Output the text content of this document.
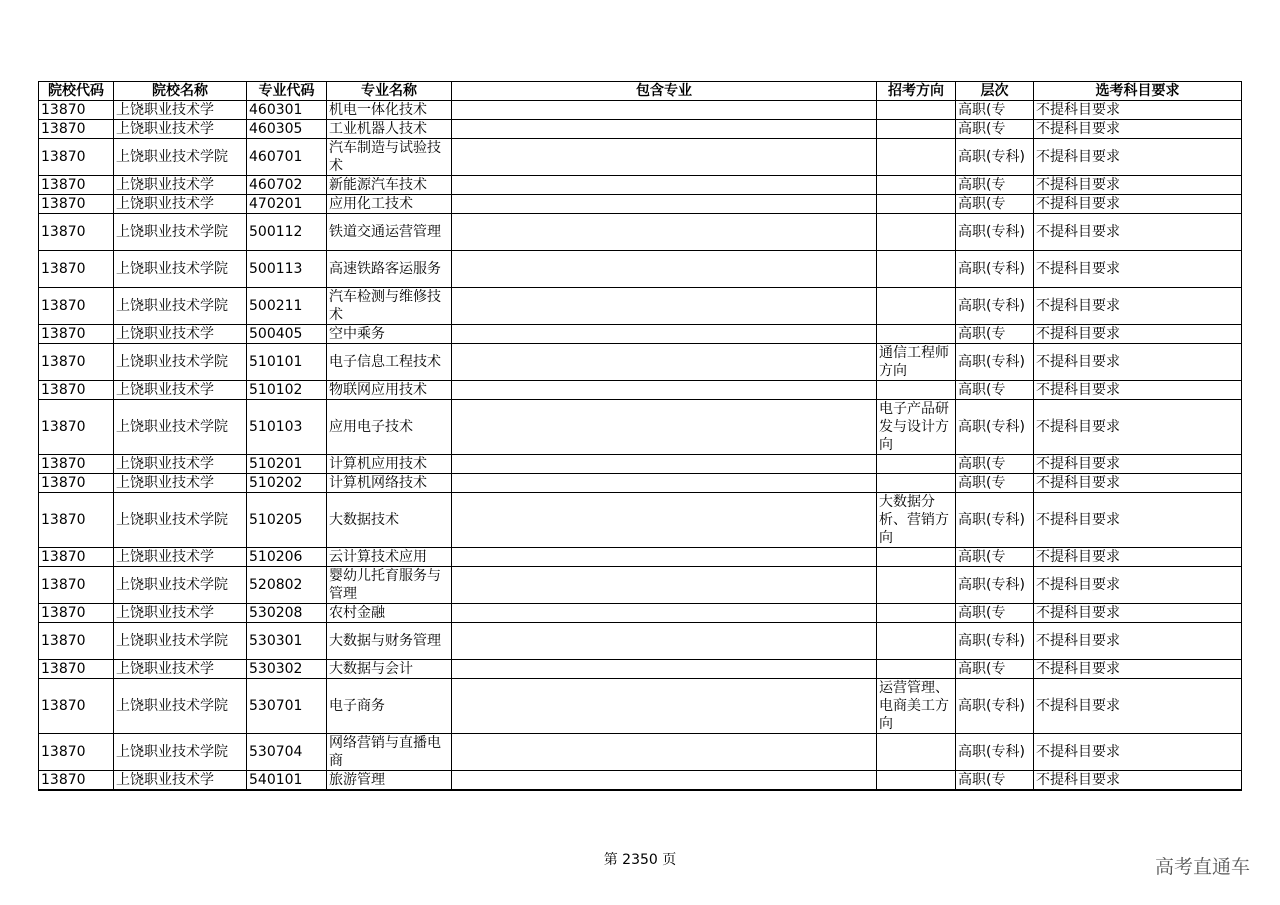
院校代码	院校名称	专业代码	专业名称	包含专业	招考方向	层次	选考科目要求
13870	上饶职业技术学	460301	机电一体化技术			高职(专	不提科目要求
13870	上饶职业技术学	460305	工业机器人技术			高职(专	不提科目要求
13870	上饶职业技术学院	460701	汽车制造与试验技术			高职(专科)	不提科目要求
13870	上饶职业技术学	460702	新能源汽车技术			高职(专	不提科目要求
13870	上饶职业技术学	470201	应用化工技术			高职(专	不提科目要求
13870	上饶职业技术学院	500112	铁道交通运营管理			高职(专科)	不提科目要求
13870	上饶职业技术学院	500113	高速铁路客运服务			高职(专科)	不提科目要求
13870	上饶职业技术学院	500211	汽车检测与维修技术			高职(专科)	不提科目要求
13870	上饶职业技术学	500405	空中乘务			高职(专	不提科目要求
13870	上饶职业技术学院	510101	电子信息工程技术		通信工程师方向	高职(专科)	不提科目要求
13870	上饶职业技术学	510102	物联网应用技术			高职(专	不提科目要求
13870	上饶职业技术学院	510103	应用电子技术		电子产品研发与设计方向	高职(专科)	不提科目要求
13870	上饶职业技术学	510201	计算机应用技术			高职(专	不提科目要求
13870	上饶职业技术学	510202	计算机网络技术			高职(专	不提科目要求
13870	上饶职业技术学院	510205	大数据技术		大数据分析、营销方向	高职(专科)	不提科目要求
13870	上饶职业技术学	510206	云计算技术应用			高职(专	不提科目要求
13870	上饶职业技术学院	520802	婴幼儿托育服务与管理			高职(专科)	不提科目要求
13870	上饶职业技术学	530208	农村金融			高职(专	不提科目要求
13870	上饶职业技术学院	530301	大数据与财务管理			高职(专科)	不提科目要求
13870	上饶职业技术学	530302	大数据与会计			高职(专	不提科目要求
13870	上饶职业技术学院	530701	电子商务		运营管理、电商美工方向	高职(专科)	不提科目要求
13870	上饶职业技术学院	530704	网络营销与直播电商			高职(专科)	不提科目要求
13870	上饶职业技术学	540101	旅游管理			高职(专	不提科目要求
第 2350 页	高考直通车
